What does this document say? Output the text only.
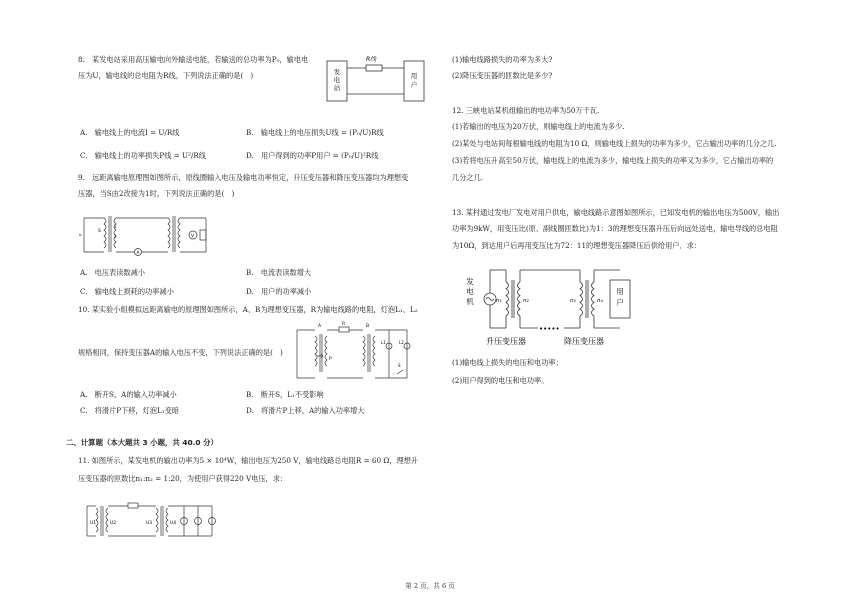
8.　某发电站采用高压输电向外输送电能，若输送的总功率为P₀，输电电
压为U，输电线的总电阻为R线，下列说法正确的是(　)
R线
发电站
用户
A.　输电线上的电流I = U/R线	B.　输电线上的电压损失U线 = (P₀/U)R线
C.　输电线上的功率损失P线 = U²/R线	D.　用户得到的功率P用户 = (P₀/U)²R线
9.　远距离输电原理图如图所示，原线圈输入电压及输电功率恒定，升压变压器和降压变压器均为理想变
压器，当S由2改接为1时，下列说法正确的是(　)
V
A
S
1
2
u
A.　电压表读数减小	B.　电流表读数增大
C.　输电线上损耗的功率减小	D.　用户的功率减小
10. 某实验小组模拟远距离输电的原理图如图所示，A、B为理想变压器，R为输电线路的电阻，灯泡L₁、L₂
规格相同，保持变压器A的输入电压不变，下列说法正确的是(　)
R
A	B
P
L1	L2
S
A.　断开S，A的输入功率减小	B.　断开S，L₁不受影响
C.　将滑片P下移，灯泡L₁变暗	D.　将滑片P上移，A的输入功率增大
二、计算题（本大题共 3 小题，共 40.0 分）
11. 如图所示，某发电机的输出功率为5 × 10⁴W，输出电压为250 V，输电线路总电阻R = 60 Ω，理想升
压变压器的匝数比n₁:n₂ = 1:20，为使用户获得220 V电压，求：
U1	U2	U3	U4
(1)输电线路损失的功率为多大?
(2)降压变压器的匝数比是多少?
12. 三峡电站某机组输出的电功率为50万千瓦.
(1)若输出的电压为20万伏，则输电线上的电流为多少.
(2)某处与电站间每根输电线的电阻为10 Ω，则输电线上损失的功率为多少，它占输出功率的几分之几.
(3)若将电压升高至50万伏，输电线上的电流为多少，输电线上损失的功率又为多少，它占输出功率的
几分之几.
13. 某村通过发电厂发电对用户供电，输电线路示意图如图所示，已知发电机的输出电压为500V，输出
功率为9kW，用变压比(原、副线圈匝数比)为1：3的理想变压器升压后向远处送电，输电导线的总电阻
为10Ω，到达用户后再用变压比为72：11的理想变压器降压后供给用户．求：
•••••
发电机
用户
n₁	n₂	n₃	n₄
升压变压器	降压变压器
(1)输电线上损失的电压和电功率；
(2)用户得到的电压和电功率。
第 2 页，共 6 页
